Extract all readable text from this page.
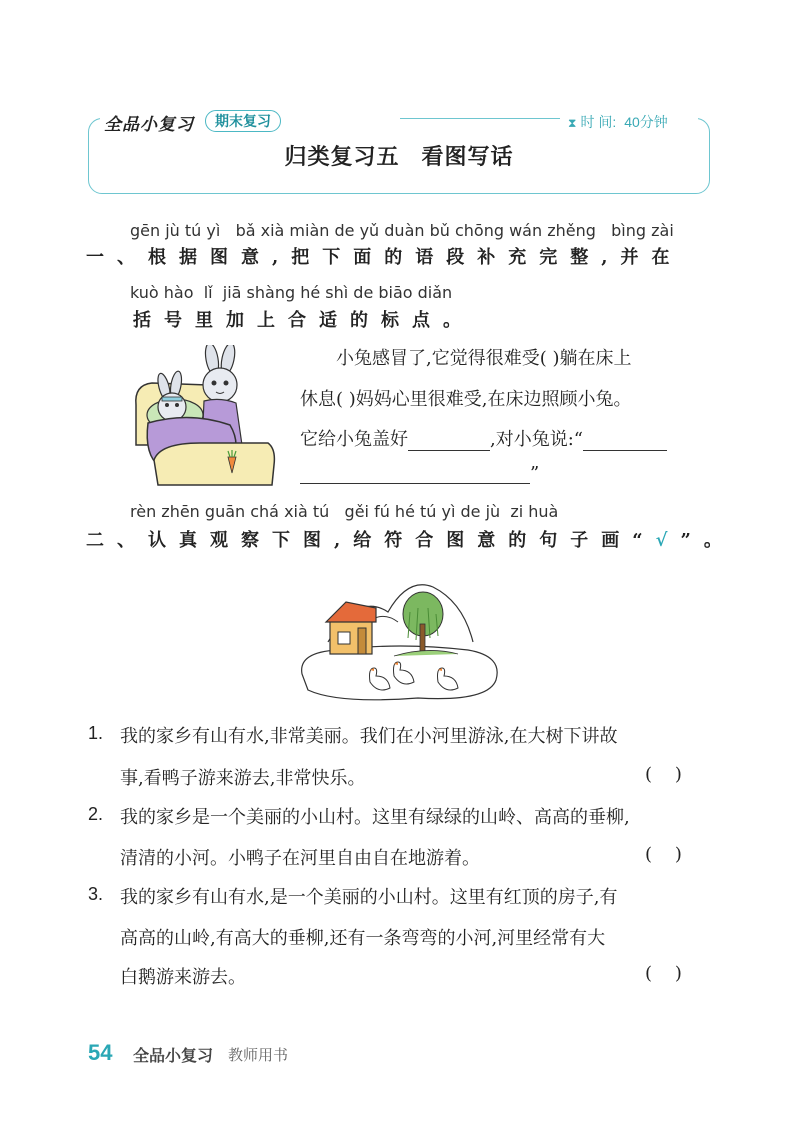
全品小复习	期末复习	⧗ 时 间: 40分钟
归类复习五 看图写话
gēn jù tú yì   bǎ xià miàn de yǔ duàn bǔ chōng wán zhěng   bìng zài
一、根据图意,把下面的语段补充完整,并在
kuò hào  lǐ  jiā shàng hé shì de biāo diǎn
括号里加上合适的标点。
小兔感冒了,它觉得很难受( )躺在床上
休息( )妈妈心里很难受,在床边照顾小兔。
它给小兔盖好	,对小兔说:“
”
rèn zhēn guān chá xià tú   gěi fú hé tú yì de jù  zi huà
二、认真观察下图,给符合图意的句子画“√”。
1. 我的家乡有山有水,非常美丽。我们在小河里游泳,在大树下讲故
事,看鸭子游来游去,非常快乐。	(    )
2. 我的家乡是一个美丽的小山村。这里有绿绿的山岭、高高的垂柳,
清清的小河。小鸭子在河里自由自在地游着。	(    )
3. 我的家乡有山有水,是一个美丽的小山村。这里有红顶的房子,有
高高的山岭,有高大的垂柳,还有一条弯弯的小河,河里经常有大
白鹅游来游去。	(    )
54 全品小复习 教师用书
